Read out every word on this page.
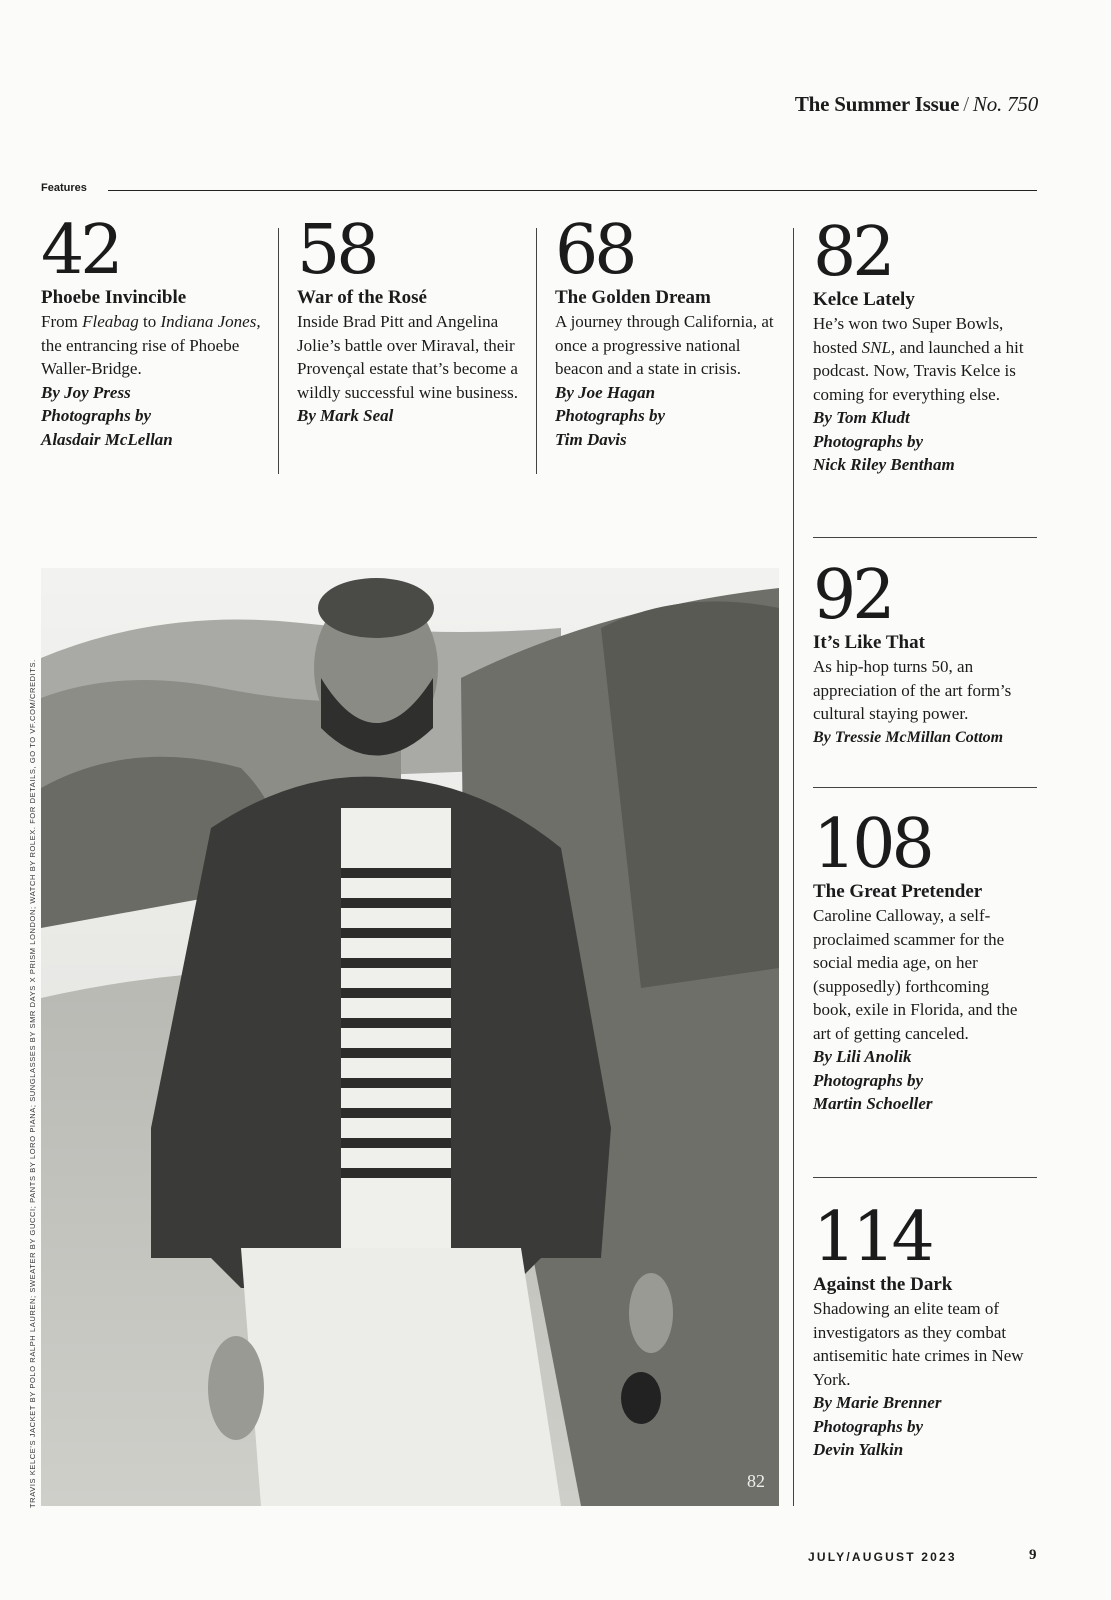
The Summer Issue / No. 750
Features
42
Phoebe Invincible
From Fleabag to Indiana Jones, the entrancing rise of Phoebe Waller-Bridge.
By Joy Press
Photographs by
Alasdair McLellan
58
War of the Rosé
Inside Brad Pitt and Angelina Jolie’s battle over Miraval, their Provençal estate that’s become a wildly successful wine business.
By Mark Seal
68
The Golden Dream
A journey through California, at once a progressive national beacon and a state in crisis.
By Joe Hagan
Photographs by
Tim Davis
82
Kelce Lately
He’s won two Super Bowls, hosted SNL, and launched a hit podcast. Now, Travis Kelce is coming for everything else.
By Tom Kludt
Photographs by
Nick Riley Bentham
92
It’s Like That
As hip-hop turns 50, an appreciation of the art form’s cultural staying power.
By Tressie McMillan Cottom
108
The Great Pretender
Caroline Calloway, a self-proclaimed scammer for the social media age, on her (supposedly) forthcoming book, exile in Florida, and the art of getting canceled.
By Lili Anolik
Photographs by
Martin Schoeller
114
Against the Dark
Shadowing an elite team of investigators as they combat antisemitic hate crimes in New York.
By Marie Brenner
Photographs by
Devin Yalkin
82
TRAVIS KELCE'S JACKET BY POLO RALPH LAUREN; SWEATER BY GUCCI; PANTS BY LORO PIANA; SUNGLASSES BY SMR DAYS X PRISM LONDON; WATCH BY ROLEX. FOR DETAILS, GO TO VF.COM/CREDITS.
JULY/AUGUST 2023	9
